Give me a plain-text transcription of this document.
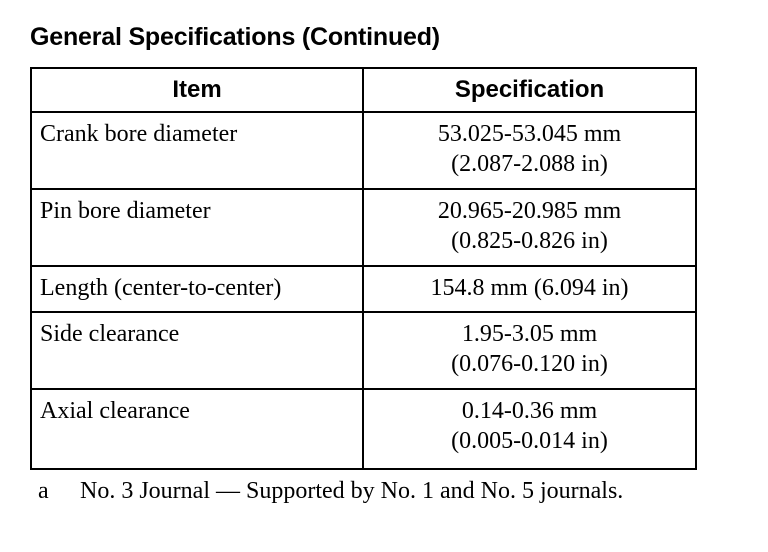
General Specifications (Continued)
Item	Specification
Crank bore diameter	53.025-53.045 mm
(2.087-2.088 in)

Pin bore diameter	20.965-20.985 mm
(0.825-0.826 in)

Length (center-to-center)	154.8 mm (6.094 in)

Side clearance	1.95-3.05 mm
(0.076-0.120 in)

Axial clearance	0.14-0.36 mm
(0.005-0.014 in)
a No. 3 Journal — Supported by No. 1 and No. 5 journals.
